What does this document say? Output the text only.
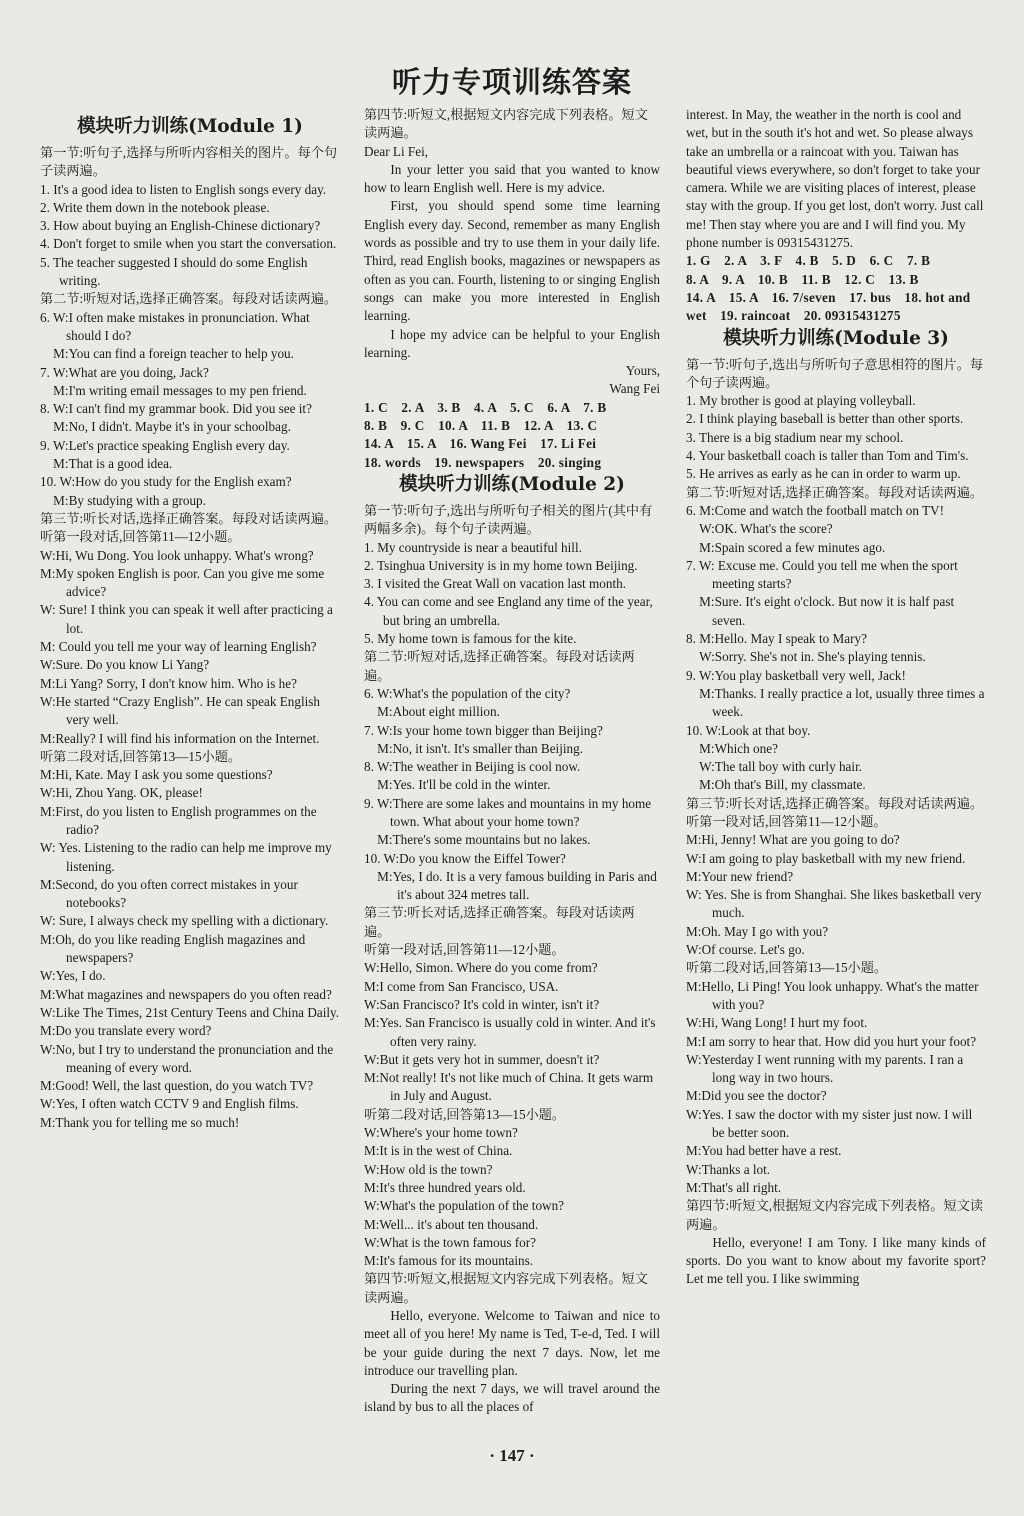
听力专项训练答案
模块听力训练(Module 1)

第一节:听句子,选择与所听内容相关的图片。每个句子读两遍。

1. It's a good idea to listen to English songs every day.

2. Write them down in the notebook please.

3. How about buying an English-Chinese dictionary?

4. Don't forget to smile when you start the conversation.

5. The teacher suggested I should do some English writing.

第二节:听短对话,选择正确答案。每段对话读两遍。

6. W:I often make mistakes in pronunciation. What should I do?

　M:You can find a foreign teacher to help you.

7. W:What are you doing, Jack?

　M:I'm writing email messages to my pen friend.

8. W:I can't find my grammar book. Did you see it?

　M:No, I didn't. Maybe it's in your schoolbag.

9. W:Let's practice speaking English every day.

　M:That is a good idea.

10. W:How do you study for the English exam?

　M:By studying with a group.

第三节:听长对话,选择正确答案。每段对话读两遍。

听第一段对话,回答第11—12小题。

W:Hi, Wu Dong. You look unhappy. What's wrong?

M:My spoken English is poor. Can you give me some advice?

W: Sure! I think you can speak it well after practicing a lot.

M: Could you tell me your way of learning English?

W:Sure. Do you know Li Yang?

M:Li Yang? Sorry, I don't know him. Who is he?

W:He started “Crazy English”. He can speak English very well.

M:Really? I will find his information on the Internet.

听第二段对话,回答第13—15小题。

M:Hi, Kate. May I ask you some questions?

W:Hi, Zhou Yang. OK, please!

M:First, do you listen to English programmes on the radio?

W: Yes. Listening to the radio can help me improve my listening.

M:Second, do you often correct mistakes in your notebooks?

W: Sure, I always check my spelling with a dictionary.

M:Oh, do you like reading English magazines and newspapers?

W:Yes, I do.

M:What magazines and newspapers do you often read?

W:Like The Times, 21st Century Teens and China Daily.

M:Do you translate every word?

W:No, but I try to understand the pronunciation and the meaning of every word.

M:Good! Well, the last question, do you watch TV?

W:Yes, I often watch CCTV 9 and English films.

M:Thank you for telling me so much!

第四节:听短文,根据短文内容完成下列表格。短文读两遍。

Dear Li Fei,

In your letter you said that you wanted to know how to learn English well. Here is my advice.

First, you should spend some time learning English every day. Second, remember as many English words as possible and try to use them in your daily life. Third, read English books, magazines or newspapers as often as you can. Fourth, listening to or singing English songs can make you more interested in English learning.

I hope my advice can be helpful to your English learning.

Yours,

Wang Fei

1. C　2. A　3. B　4. A　5. C　6. A　7. B

8. B　9. C　10. A　11. B　12. A　13. C

14. A　15. A　16. Wang Fei　17. Li Fei

18. words　19. newspapers　20. singing

模块听力训练(Module 2)

第一节:听句子,选出与所听句子相关的图片(其中有两幅多余)。每个句子读两遍。

1. My countryside is near a beautiful hill.

2. Tsinghua University is in my home town Beijing.

3. I visited the Great Wall on vacation last month.

4. You can come and see England any time of the year, but bring an umbrella.

5. My home town is famous for the kite.

第二节:听短对话,选择正确答案。每段对话读两遍。

6. W:What's the population of the city?

　M:About eight million.

7. W:Is your home town bigger than Beijing?

　M:No, it isn't. It's smaller than Beijing.

8. W:The weather in Beijing is cool now.

　M:Yes. It'll be cold in the winter.

9. W:There are some lakes and mountains in my home town. What about your home town?

　M:There's some mountains but no lakes.

10. W:Do you know the Eiffel Tower?

　M:Yes, I do. It is a very famous building in Paris and it's about 324 metres tall.

第三节:听长对话,选择正确答案。每段对话读两遍。

听第一段对话,回答第11—12小题。

W:Hello, Simon. Where do you come from?

M:I come from San Francisco, USA.

W:San Francisco? It's cold in winter, isn't it?

M:Yes. San Francisco is usually cold in winter. And it's often very rainy.

W:But it gets very hot in summer, doesn't it?

M:Not really! It's not like much of China. It gets warm in July and August.

听第二段对话,回答第13—15小题。

W:Where's your home town?

M:It is in the west of China.

W:How old is the town?

M:It's three hundred years old.

W:What's the population of the town?

M:Well... it's about ten thousand.

W:What is the town famous for?

M:It's famous for its mountains.

第四节:听短文,根据短文内容完成下列表格。短文读两遍。

Hello, everyone. Welcome to Taiwan and nice to meet all of you here! My name is Ted, T-e-d, Ted. I will be your guide during the next 7 days. Now, let me introduce our travelling plan.

During the next 7 days, we will travel around the island by bus to all the places of

interest. In May, the weather in the north is cool and wet, but in the south it's hot and wet. So please always take an umbrella or a raincoat with you. Taiwan has beautiful views everywhere, so don't forget to take your camera. While we are visiting places of interest, please stay with the group. If you get lost, don't worry. Just call me! Then stay where you are and I will find you. My phone number is 09315431275.

1. G　2. A　3. F　4. B　5. D　6. C　7. B

8. A　9. A　10. B　11. B　12. C　13. B

14. A　15. A　16. 7/seven　17. bus　18. hot and wet　19. raincoat　20. 09315431275

模块听力训练(Module 3)

第一节:听句子,选出与所听句子意思相符的图片。每个句子读两遍。

1. My brother is good at playing volleyball.

2. I think playing baseball is better than other sports.

3. There is a big stadium near my school.

4. Your basketball coach is taller than Tom and Tim's.

5. He arrives as early as he can in order to warm up.

第二节:听短对话,选择正确答案。每段对话读两遍。

6. M:Come and watch the football match on TV!

　W:OK. What's the score?

　M:Spain scored a few minutes ago.

7. W: Excuse me. Could you tell me when the sport meeting starts?

　M:Sure. It's eight o'clock. But now it is half past seven.

8. M:Hello. May I speak to Mary?

　W:Sorry. She's not in. She's playing tennis.

9. W:You play basketball very well, Jack!

　M:Thanks. I really practice a lot, usually three times a week.

10. W:Look at that boy.

　M:Which one?

　W:The tall boy with curly hair.

　M:Oh that's Bill, my classmate.

第三节:听长对话,选择正确答案。每段对话读两遍。

听第一段对话,回答第11—12小题。

M:Hi, Jenny! What are you going to do?

W:I am going to play basketball with my new friend.

M:Your new friend?

W: Yes. She is from Shanghai. She likes basketball very much.

M:Oh. May I go with you?

W:Of course. Let's go.

听第二段对话,回答第13—15小题。

M:Hello, Li Ping! You look unhappy. What's the matter with you?

W:Hi, Wang Long! I hurt my foot.

M:I am sorry to hear that. How did you hurt your foot?

W:Yesterday I went running with my parents. I ran a long way in two hours.

M:Did you see the doctor?

W:Yes. I saw the doctor with my sister just now. I will be better soon.

M:You had better have a rest.

W:Thanks a lot.

M:That's all right.

第四节:听短文,根据短文内容完成下列表格。短文读两遍。

Hello, everyone! I am Tony. I like many kinds of sports. Do you want to know about my favorite sport? Let me tell you. I like swimming

· 147 ·
